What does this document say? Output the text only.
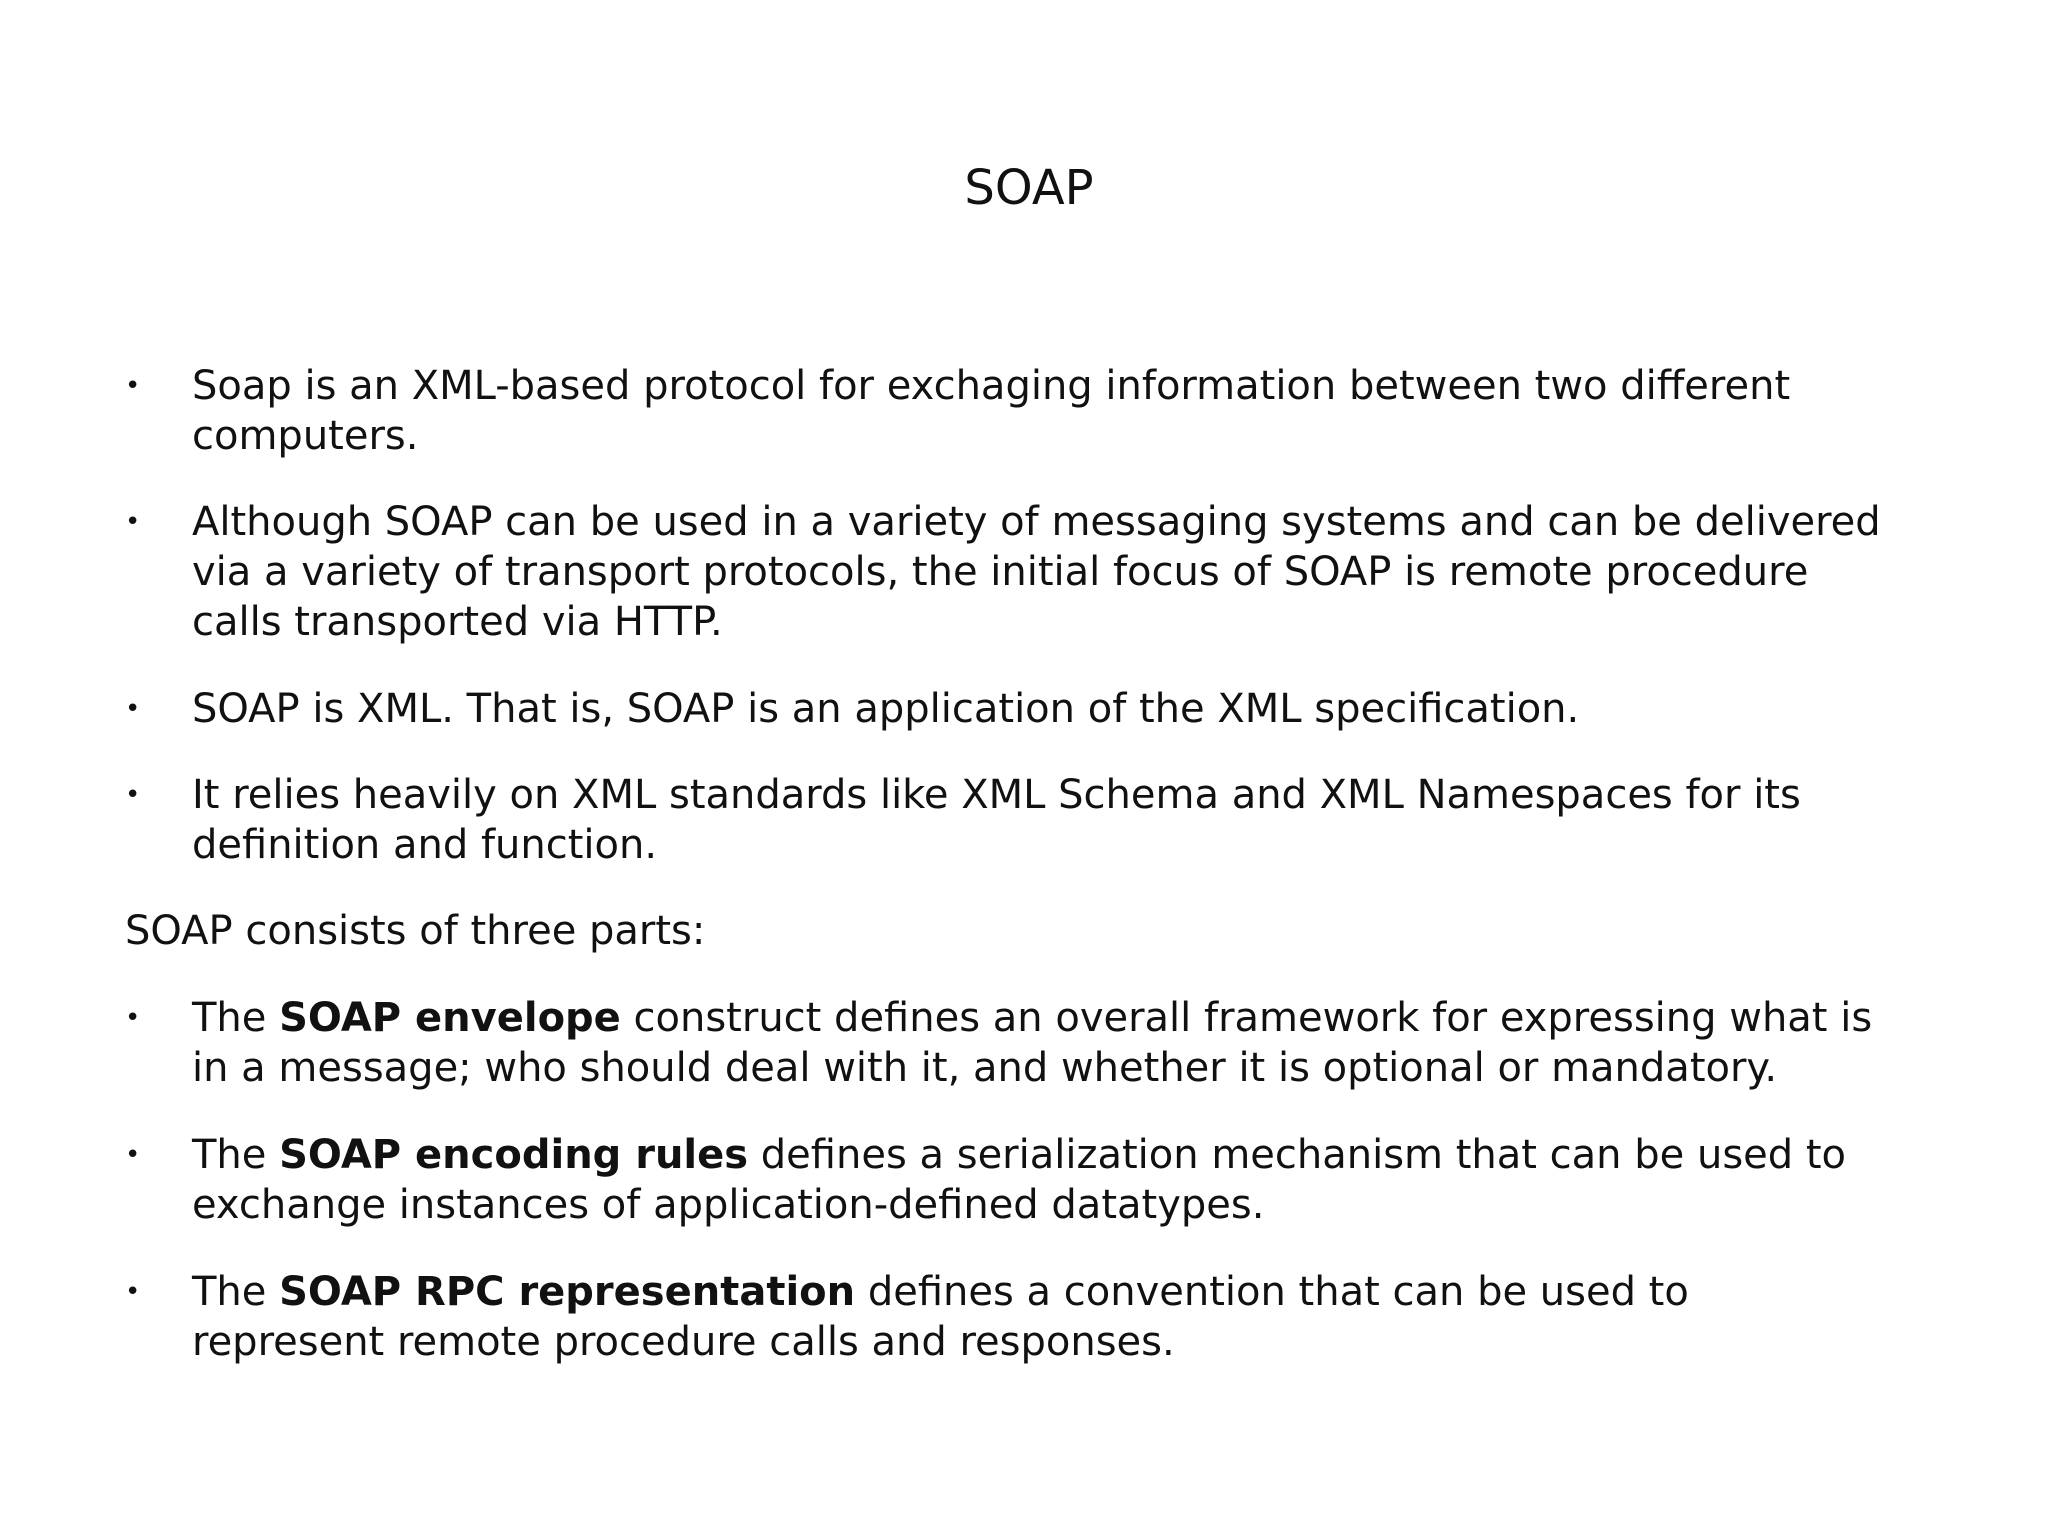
SOAP
•	Soap is an XML-based protocol for exchaging information between two different
computers.
•	Although SOAP can be used in a variety of messaging systems and can be delivered
via a variety of transport protocols, the initial focus of SOAP is remote procedure
calls transported via HTTP.
•	SOAP is XML. That is, SOAP is an application of the XML specification.
•	It relies heavily on XML standards like XML Schema and XML Namespaces for its
definition and function.

SOAP consists of three parts:

•	The SOAP envelope construct defines an overall framework for expressing what is
in a message; who should deal with it, and whether it is optional or mandatory.
•	The SOAP encoding rules defines a serialization mechanism that can be used to
exchange instances of application-defined datatypes.
•	The SOAP RPC representation defines a convention that can be used to
represent remote procedure calls and responses.
